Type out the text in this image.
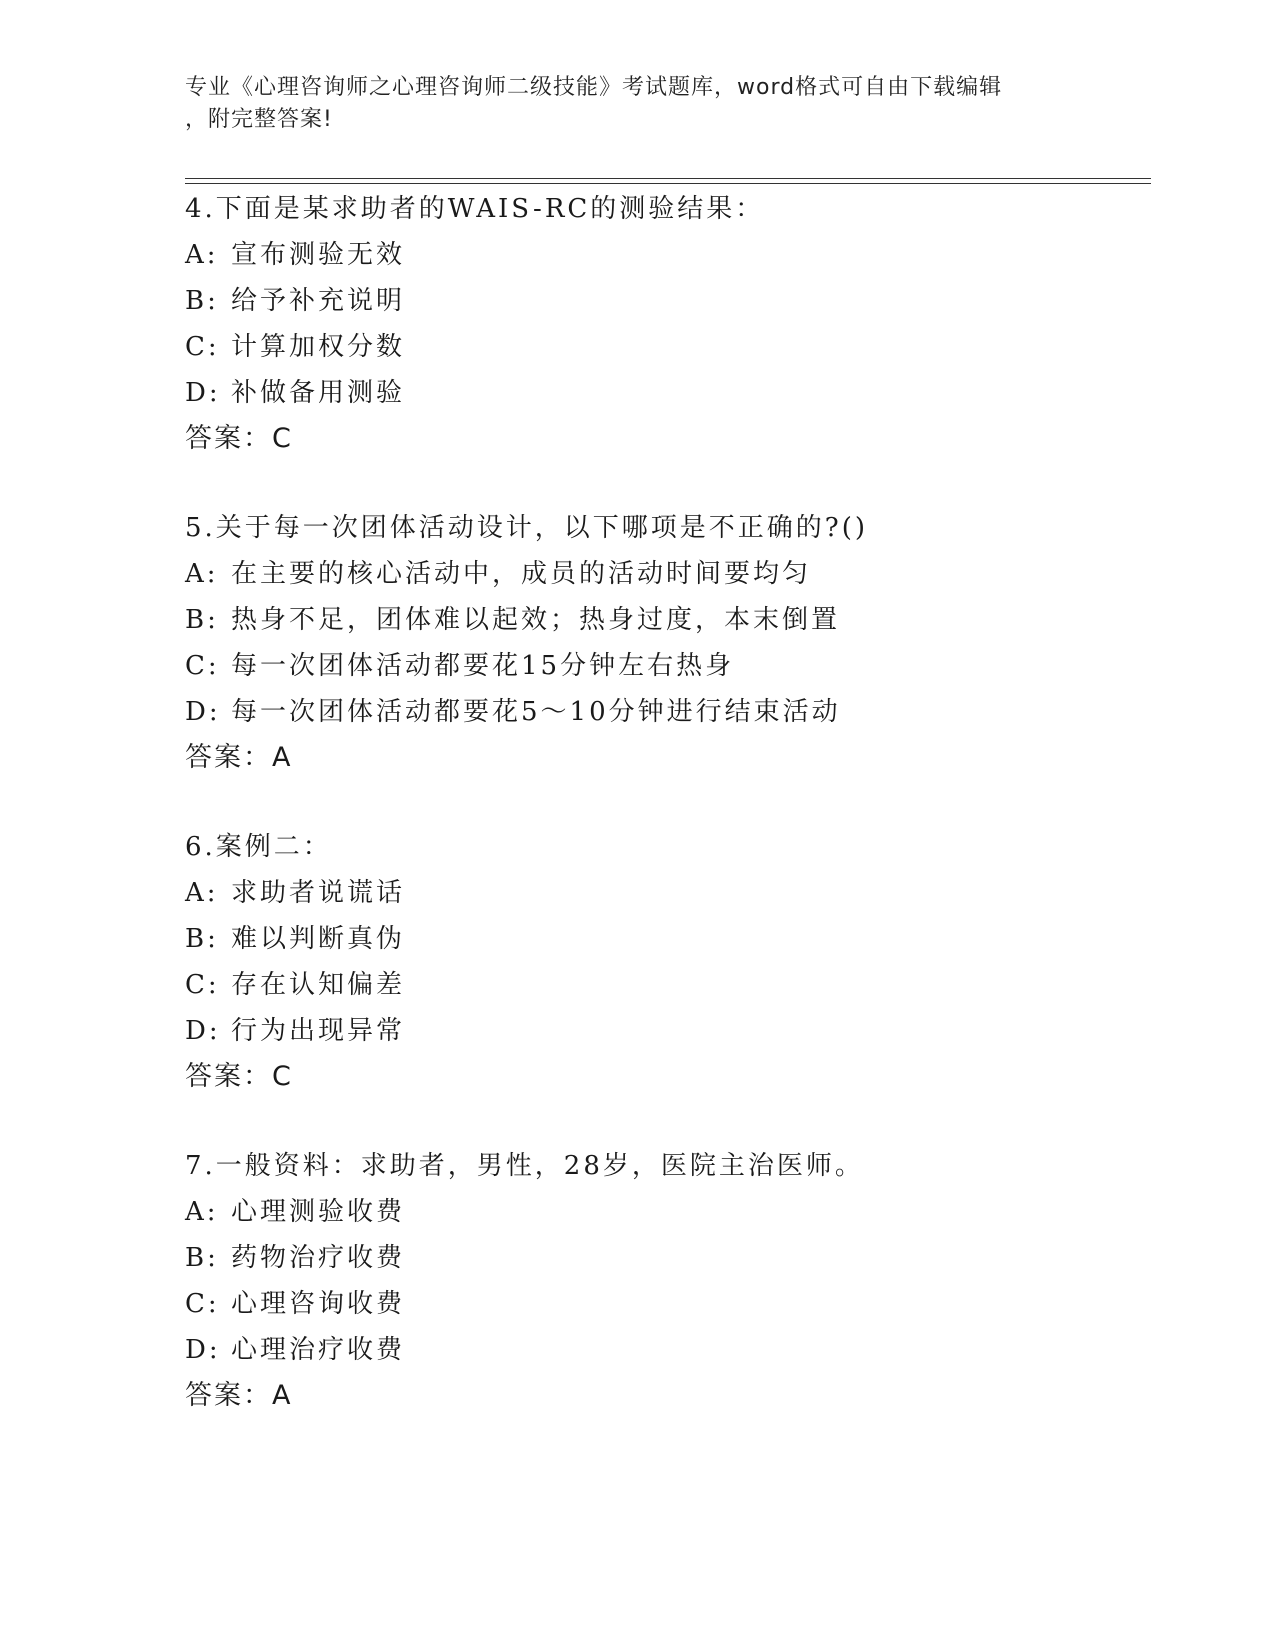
专业《心理咨询师之心理咨询师二级技能》考试题库，word格式可自由下载编辑
，附完整答案!
4.下面是某求助者的WAIS-RC的测验结果：
A: 宣布测验无效
B: 给予补充说明
C: 计算加权分数
D: 补做备用测验
答案：C
5.关于每一次团体活动设计，以下哪项是不正确的?()
A: 在主要的核心活动中，成员的活动时间要均匀
B: 热身不足，团体难以起效；热身过度，本末倒置
C: 每一次团体活动都要花15分钟左右热身
D: 每一次团体活动都要花5～10分钟进行结束活动
答案：A
6.案例二：
A: 求助者说谎话
B: 难以判断真伪
C: 存在认知偏差
D: 行为出现异常
答案：C
7.一般资料：求助者，男性，28岁，医院主治医师。
A: 心理测验收费
B: 药物治疗收费
C: 心理咨询收费
D: 心理治疗收费
答案：A
